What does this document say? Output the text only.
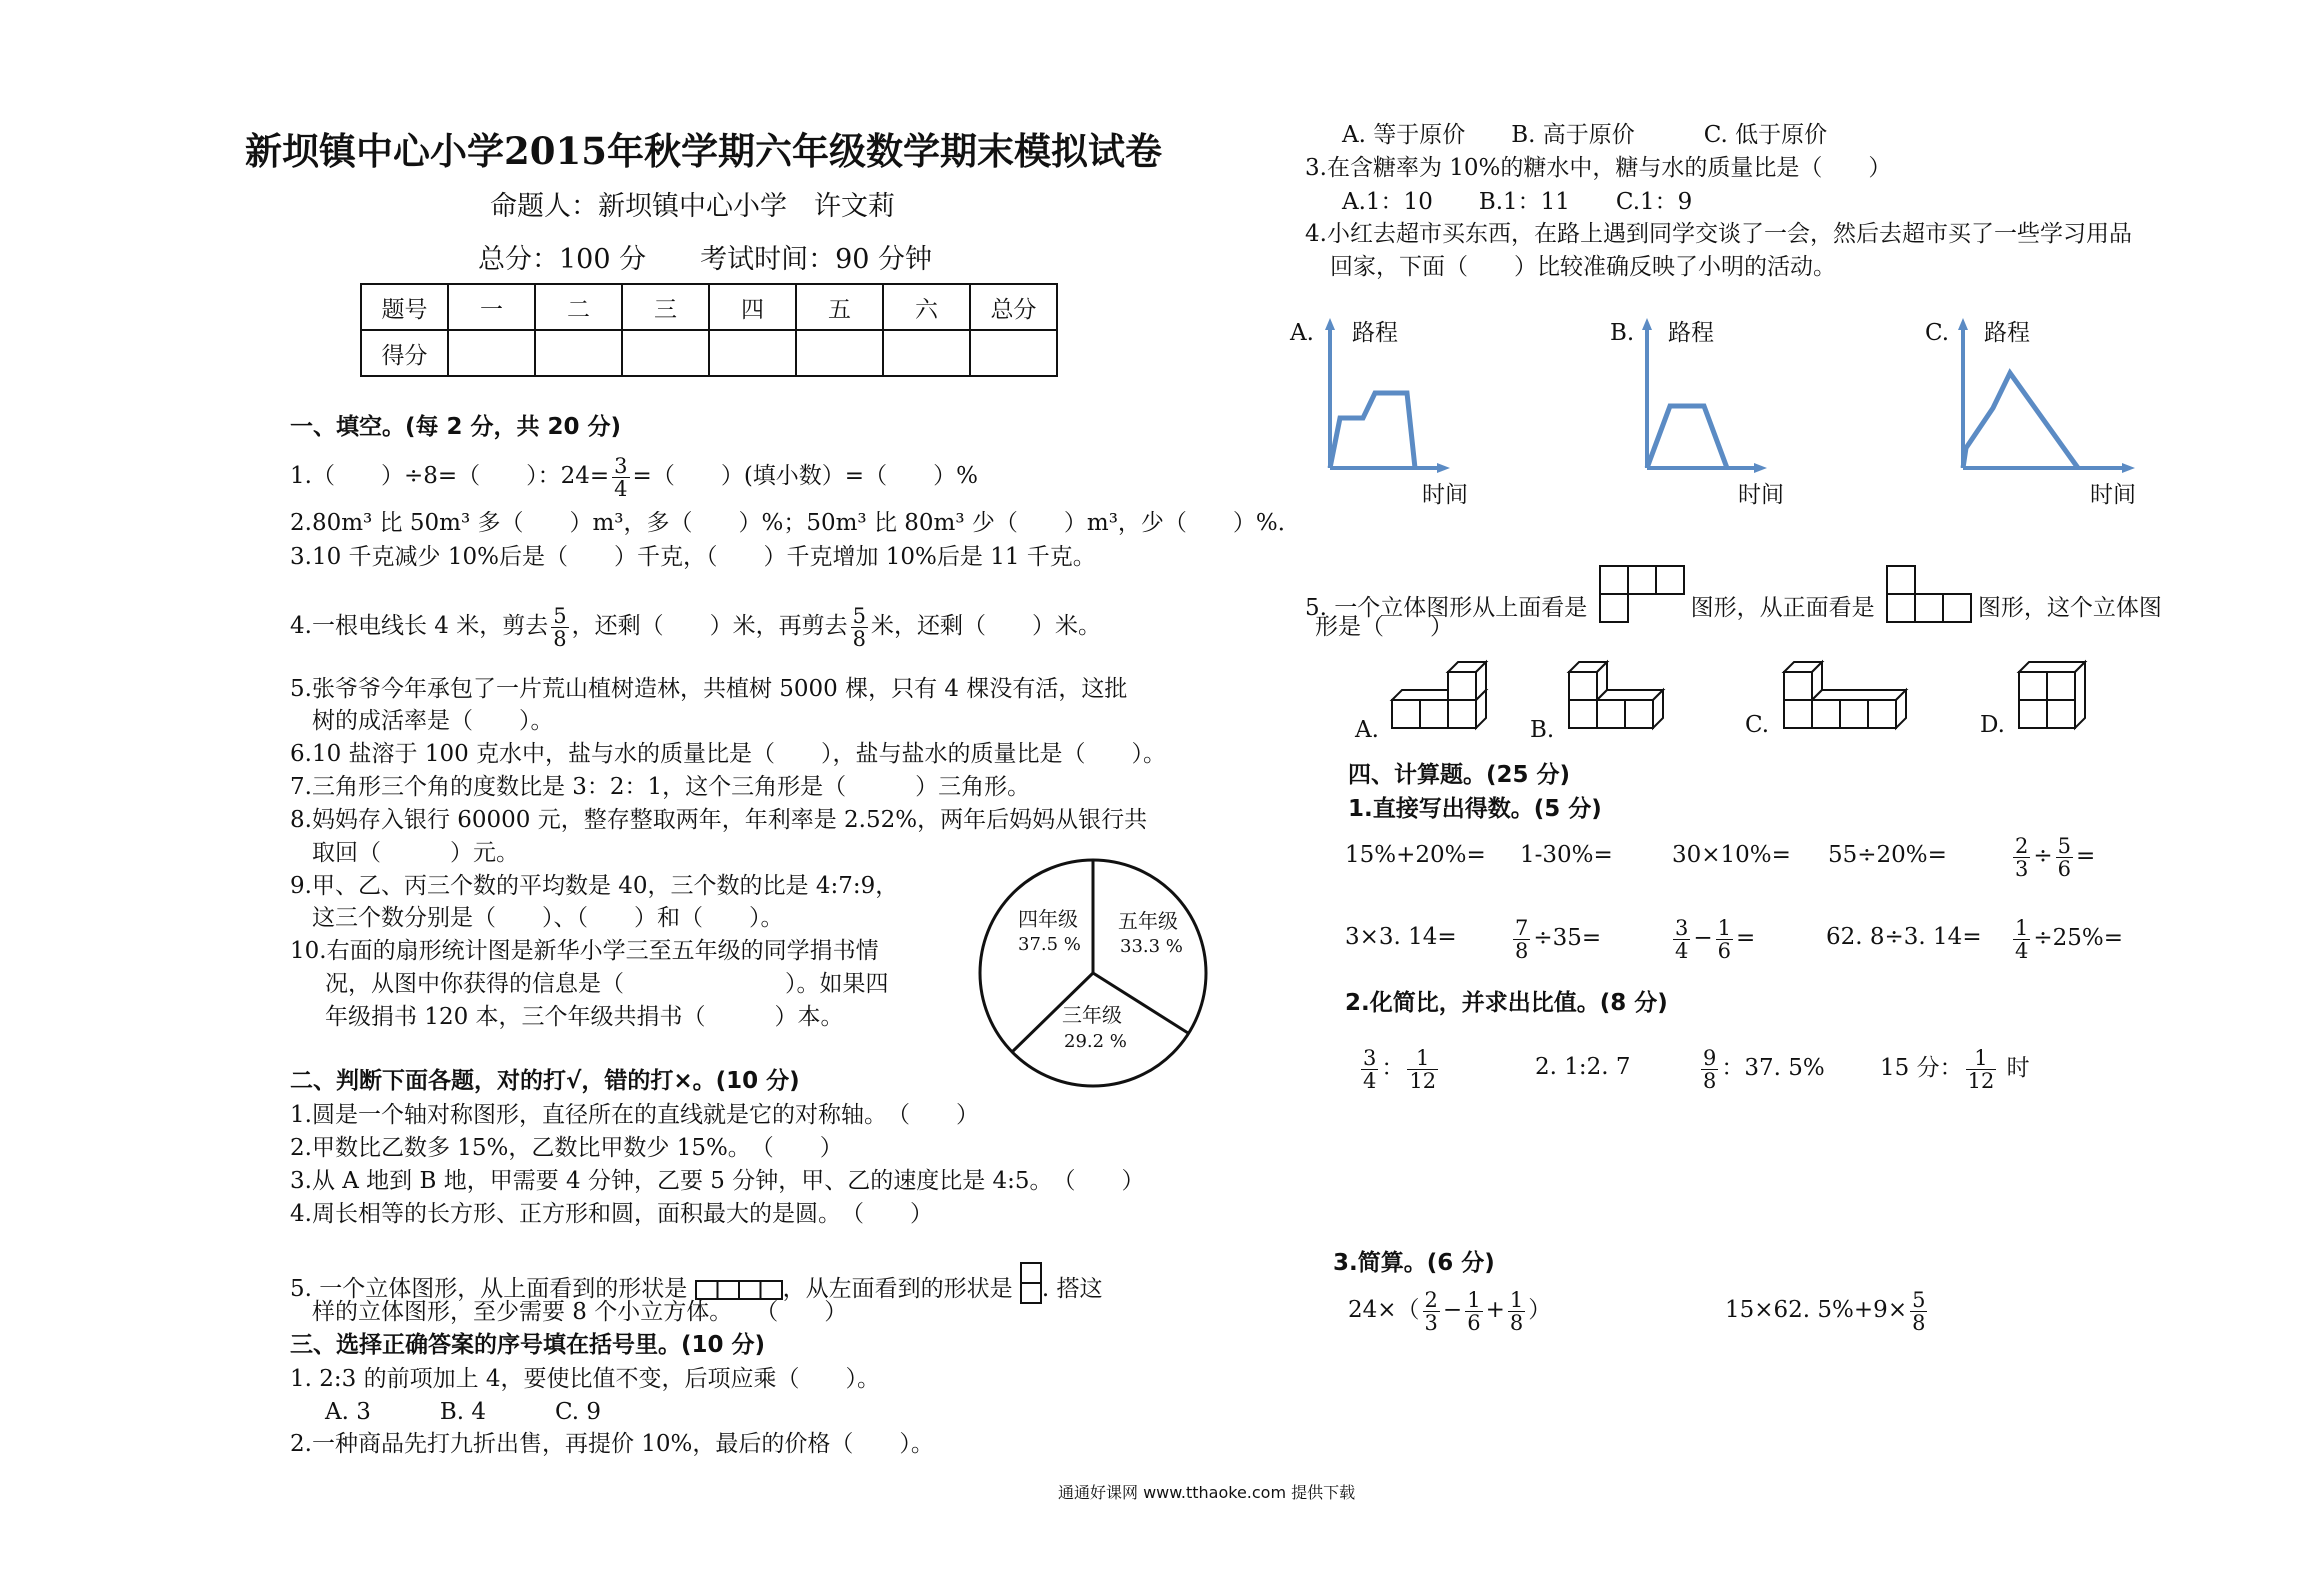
新坝镇中心小学2015年秋学期六年级数学期末模拟试卷
命题人：新坝镇中心小学　许文莉
总分：100 分　　考试时间：90 分钟
题号	一	二	三	四	五	六	总分
得分							
一、填空。(每 2 分，共 20 分)
1.（　　）÷8=（　　）：$24= \frac{3}{4}$ =（　　）(填小数）=（　　）%
2.80m³ 比 50m³ 多（　　）m³，多（　　）%；50m³ 比 80m³ 少（　　）m³，少（　　）%．
3.10 千克减少 10%后是（　　）千克，（　　）千克增加 10%后是 11 千克。
4.一根电线长 4 米，剪去 $\frac{5}{8}$ ，还剩（　　）米，再剪去 $\frac{5}{8}$ 米，还剩（　　）米。
5.张爷爷今年承包了一片荒山植树造林，共植树 5000 棵，只有 4 棵没有活，这批
树的成活率是（　　）。
6.10 盐溶于 100 克水中，盐与水的质量比是（　　），盐与盐水的质量比是（　　）。
7.三角形三个角的度数比是 3：2：1，这个三角形是（　　　）三角形。
8.妈妈存入银行 60000 元，整存整取两年，年利率是 2.52%，两年后妈妈从银行共
取回（　　　）元。
9.甲、乙、丙三个数的平均数是 40，三个数的比是 4:7:9，
这三个数分别是（　　）、（　　）和（　　）。
10.右面的扇形统计图是新华小学三至五年级的同学捐书情
况，从图中你获得的信息是（　　　　　　　）。如果四
年级捐书 120 本，三个年级共捐书（　　　）本。
四年级
37.5 %
五年级
33.3 %
三年级
29.2 %
二、判断下面各题，对的打√，错的打×。(10 分)
1.圆是一个轴对称图形，直径所在的直线就是它的对称轴。　（　　）
2.甲数比乙数多 15%，乙数比甲数少 15%。　（　　）
3.从 A 地到 B 地，甲需要 4 分钟，乙要 5 分钟，甲、乙的速度比是 4:5。　（　　）
4.周长相等的长方形、正方形和圆，面积最大的是圆。　（　　）
5. 一个立体图形，从上面看到的形状是	，从左面看到的形状是 . 搭这
样的立体图形，至少需要 8 个小立方体。　　（　　）
三、选择正确答案的序号填在括号里。(10 分)
1. 2:3 的前项加上 4，要使比值不变，后项应乘（　　）。
A. 3　　　B. 4　　　C. 9
2.一种商品先打九折出售，再提价 10%，最后的价格（　　）。
通通好课网 www.tthaoke.com 提供下载
A. 等于原价　　B. 高于原价　　　C. 低于原价
3.在含糖率为 10%的糖水中，糖与水的质量比是（　　）
A.1：10　　B.1：11　　C.1：9
4.小红去超市买东西，在路上遇到同学交谈了一会，然后去超市买了一些学习用品
回家，下面（　　）比较准确反映了小明的活动。
A. 路程
时间
B. 路程
时间
C. 路程
时间
5. 一个立体图形从上面看是	图形，从正面看是	图形，这个立体图
形是（　　）
A.	B.	C.	D.
四、计算题。(25 分)
1.直接写出得数。(5 分)
15%+20%= 1-30%=	30×10%= 55÷20%=	$\frac{2}{3} \div \frac{5}{6}$ =
3×3. 14=	$\frac{7}{8} \div 35=$	$\frac{3}{4} - \frac{1}{6}$ =	62. 8÷3. $14= \frac{1}{4} \div 25\%=$
2.化简比，并求出比值。(8 分)
$\frac{3}{4}$ ： $\frac{1}{12}$	2. 1:2. 7	$\frac{9}{8}$ ：37. 5% 15 分： $\frac{1}{12}$ 时
3.简算。(6 分)
$24\times( \frac{2}{3} - \frac{1}{6} + \frac{1}{8}$ ）	15×62. $5\%+9\times \frac{5}{8}$
